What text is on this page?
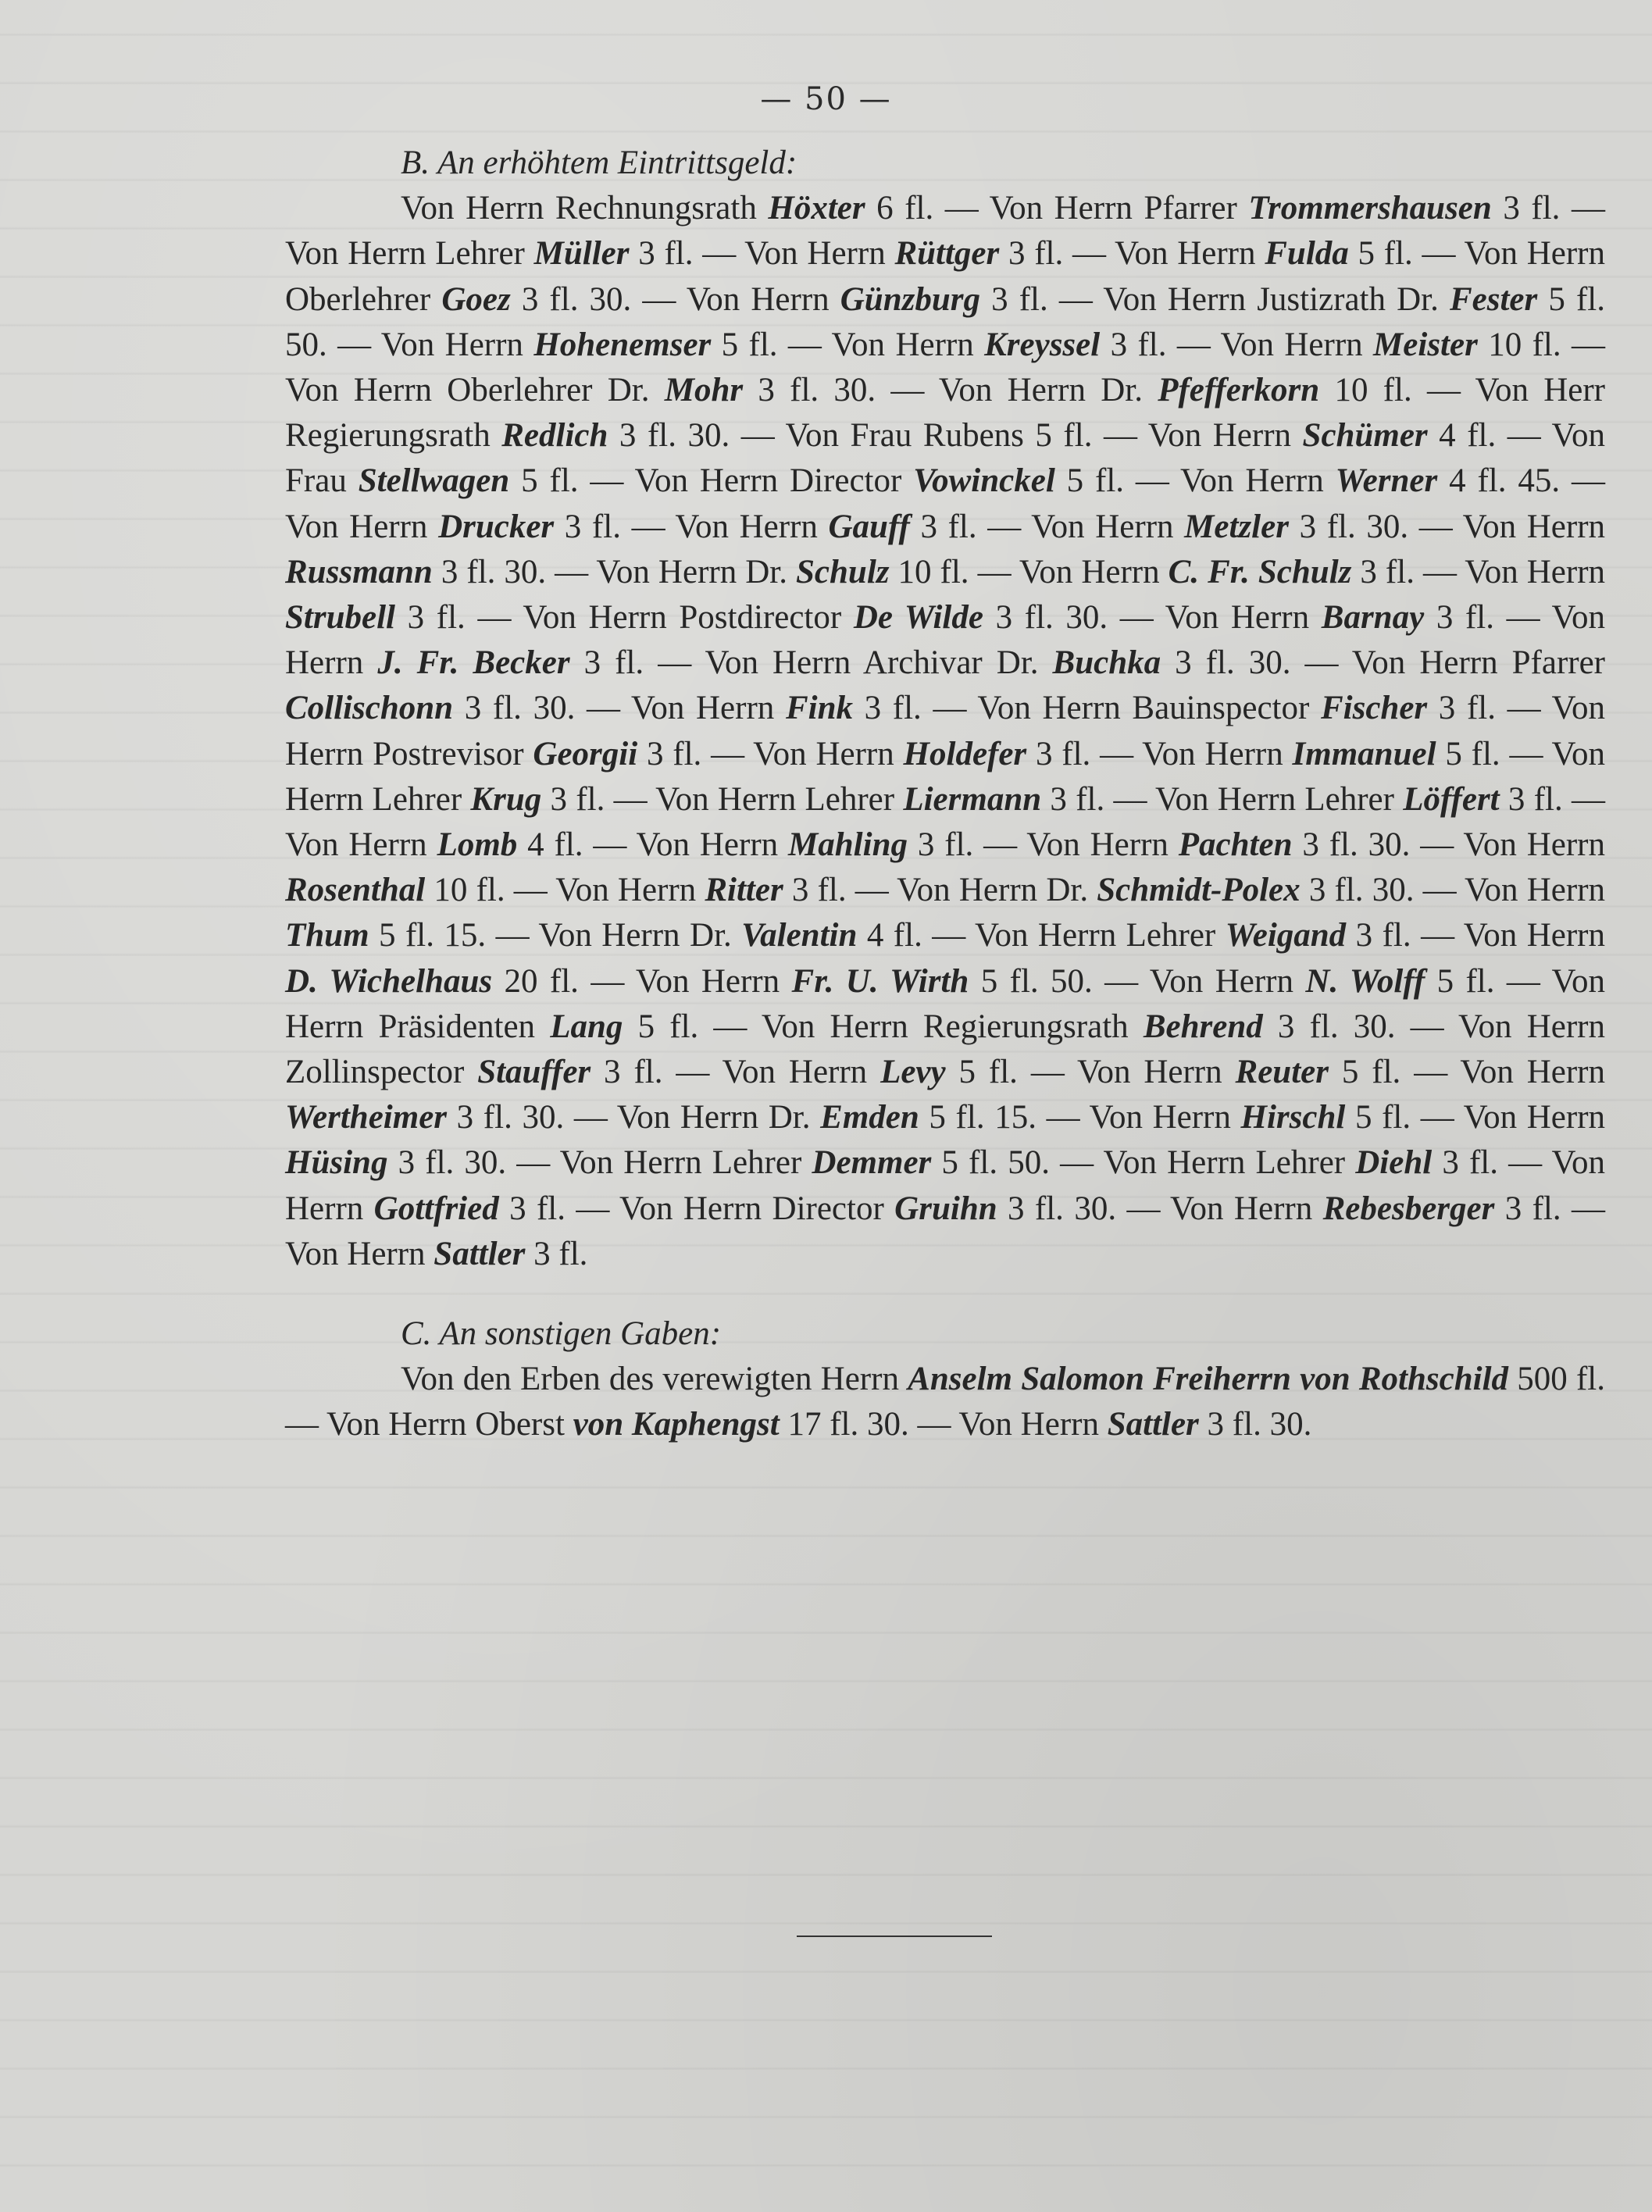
— 50 —

B. An erhöhtem Eintrittsgeld:

Von Herrn Rechnungsrath Höxter 6 fl. — Von Herrn Pfarrer Trommershausen 3 fl. — Von Herrn Lehrer Müller 3 fl. — Von Herrn Rüttger 3 fl. — Von Herrn Fulda 5 fl. — Von Herrn Oberlehrer Goez 3 fl. 30. — Von Herrn Günzburg 3 fl. — Von Herrn Justizrath Dr. Fester 5 fl. 50. — Von Herrn Hohenemser 5 fl. — Von Herrn Kreyssel 3 fl. — Von Herrn Meister 10 fl. — Von Herrn Oberlehrer Dr. Mohr 3 fl. 30. — Von Herrn Dr. Pfefferkorn 10 fl. — Von Herr Regierungsrath Redlich 3 fl. 30. — Von Frau Rubens 5 fl. — Von Herrn Schümer 4 fl. — Von Frau Stellwagen 5 fl. — Von Herrn Director Vowinckel 5 fl. — Von Herrn Werner 4 fl. 45. — Von Herrn Drucker 3 fl. — Von Herrn Gauff 3 fl. — Von Herrn Metzler 3 fl. 30. — Von Herrn Russmann 3 fl. 30. — Von Herrn Dr. Schulz 10 fl. — Von Herrn C. Fr. Schulz 3 fl. — Von Herrn Strubell 3 fl. — Von Herrn Postdirector De Wilde 3 fl. 30. — Von Herrn Barnay 3 fl. — Von Herrn J. Fr. Becker 3 fl. — Von Herrn Archivar Dr. Buchka 3 fl. 30. — Von Herrn Pfarrer Collischonn 3 fl. 30. — Von Herrn Fink 3 fl. — Von Herrn Bauinspector Fischer 3 fl. — Von Herrn Postrevisor Georgii 3 fl. — Von Herrn Holdefer 3 fl. — Von Herrn Immanuel 5 fl. — Von Herrn Lehrer Krug 3 fl. — Von Herrn Lehrer Liermann 3 fl. — Von Herrn Lehrer Löffert 3 fl. — Von Herrn Lomb 4 fl. — Von Herrn Mahling 3 fl. — Von Herrn Pachten 3 fl. 30. — Von Herrn Rosenthal 10 fl. — Von Herrn Ritter 3 fl. — Von Herrn Dr. Schmidt-Polex 3 fl. 30. — Von Herrn Thum 5 fl. 15. — Von Herrn Dr. Valentin 4 fl. — Von Herrn Lehrer Weigand 3 fl. — Von Herrn D. Wichelhaus 20 fl. — Von Herrn Fr. U. Wirth 5 fl. 50. — Von Herrn N. Wolff 5 fl. — Von Herrn Präsidenten Lang 5 fl. — Von Herrn Regierungsrath Behrend 3 fl. 30. — Von Herrn Zollinspector Stauffer 3 fl. — Von Herrn Levy 5 fl. — Von Herrn Reuter 5 fl. — Von Herrn Wertheimer 3 fl. 30. — Von Herrn Dr. Emden 5 fl. 15. — Von Herrn Hirschl 5 fl. — Von Herrn Hüsing 3 fl. 30. — Von Herrn Lehrer Demmer 5 fl. 50. — Von Herrn Lehrer Diehl 3 fl. — Von Herrn Gottfried 3 fl. — Von Herrn Director Gruihn 3 fl. 30. — Von Herrn Rebesberger 3 fl. — Von Herrn Sattler 3 fl.

C. An sonstigen Gaben:

Von den Erben des verewigten Herrn Anselm Salomon Freiherrn von Rothschild 500 fl. — Von Herrn Oberst von Kaphengst 17 fl. 30. — Von Herrn Sattler 3 fl. 30.
